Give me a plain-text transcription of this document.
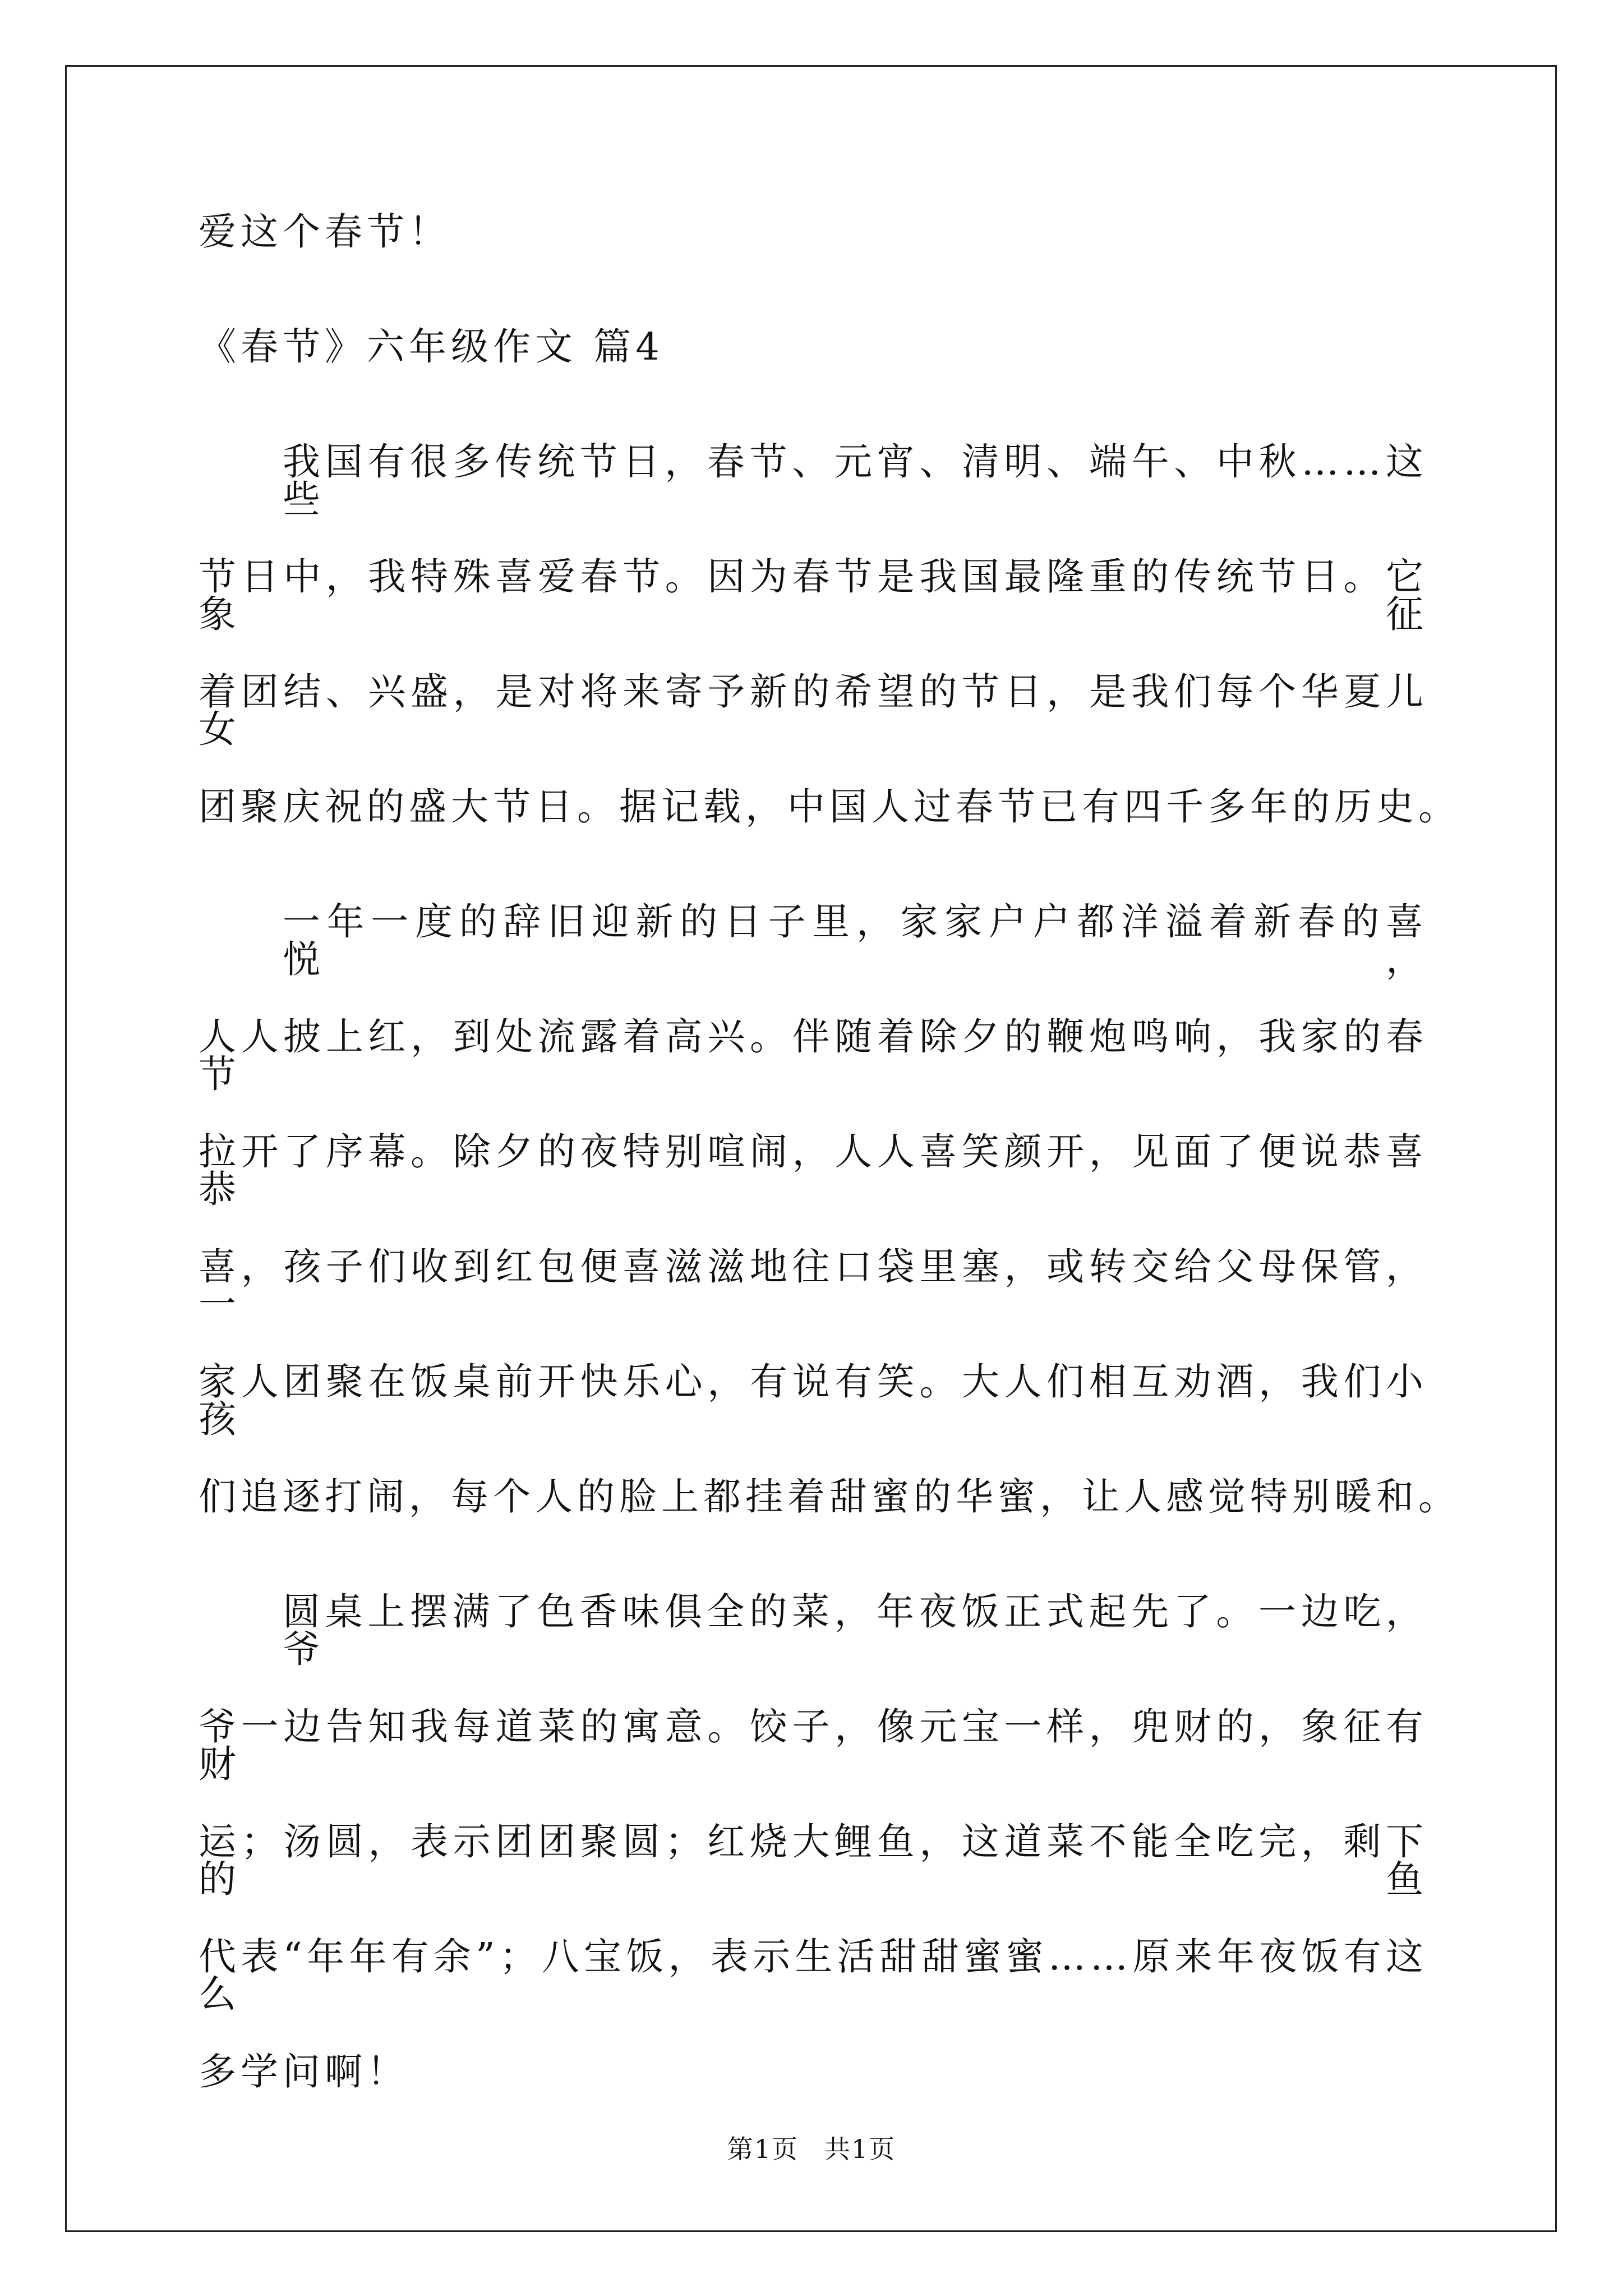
爱这个春节！
《春节》六年级作文 篇4
我国有很多传统节日，春节、元宵、清明、端午、中秋……这些
节日中，我特殊喜爱春节。因为春节是我国最隆重的传统节日。它象征
着团结、兴盛，是对将来寄予新的希望的节日，是我们每个华夏儿女
团聚庆祝的盛大节日。据记载，中国人过春节已有四千多年的历史。
一年一度的辞旧迎新的日子里，家家户户都洋溢着新春的喜悦，
人人披上红，到处流露着高兴。伴随着除夕的鞭炮鸣响，我家的春节
拉开了序幕。除夕的夜特别喧闹，人人喜笑颜开，见面了便说恭喜恭
喜，孩子们收到红包便喜滋滋地往口袋里塞，或转交给父母保管，一
家人团聚在饭桌前开快乐心，有说有笑。大人们相互劝酒，我们小孩
们追逐打闹，每个人的脸上都挂着甜蜜的华蜜，让人感觉特别暖和。
圆桌上摆满了色香味俱全的菜，年夜饭正式起先了。一边吃，爷
爷一边告知我每道菜的寓意。饺子，像元宝一样，兜财的，象征有财
运；汤圆，表示团团聚圆；红烧大鲤鱼，这道菜不能全吃完，剩下的鱼
代表“年年有余”；八宝饭，表示生活甜甜蜜蜜……原来年夜饭有这么
多学问啊！
第1页 共1页
